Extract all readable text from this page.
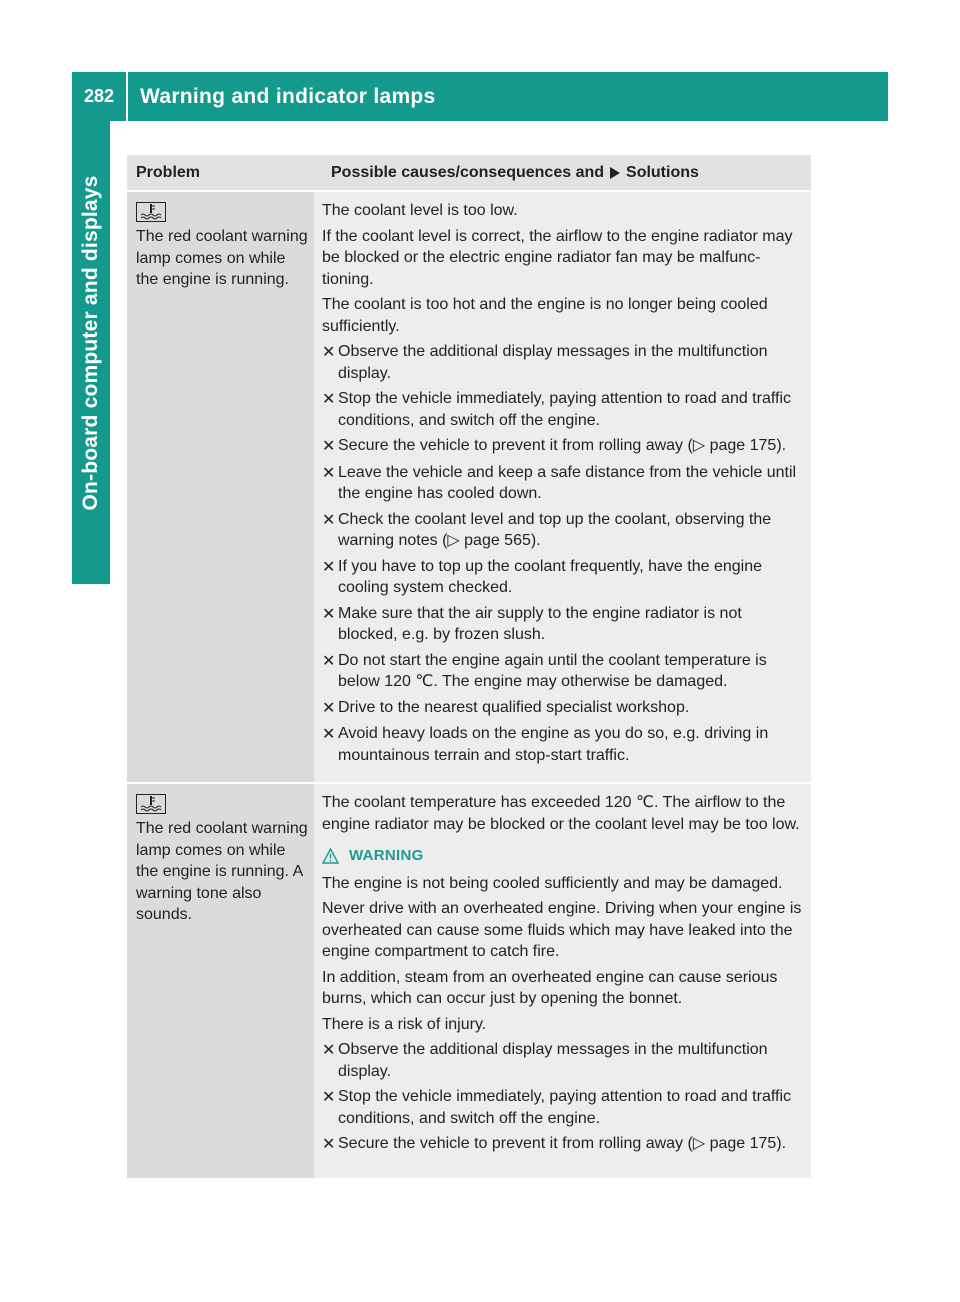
282	Warning and indicator lamps
On-board computer and displays
Problem	Possible causes/consequences and Solutions
The red coolant warning lamp comes on while the engine is running.

The coolant level is too low.

If the coolant level is correct, the airflow to the engine radiator may be blocked or the electric engine radiator fan may be malfunctioning.

The coolant is too hot and the engine is no longer being cooled sufficiently.

✕ Observe the additional display messages in the multifunction display.
✕ Stop the vehicle immediately, paying attention to road and traffic conditions, and switch off the engine.
✕ Secure the vehicle to prevent it from rolling away (▷ page 175).
✕ Leave the vehicle and keep a safe distance from the vehicle until the engine has cooled down.
✕ Check the coolant level and top up the coolant, observing the warning notes (▷ page 565).
✕ If you have to top up the coolant frequently, have the engine cooling system checked.
✕ Make sure that the air supply to the engine radiator is not blocked, e.g. by frozen slush.
✕ Do not start the engine again until the coolant temperature is below 120 ℃. The engine may otherwise be damaged.
✕ Drive to the nearest qualified specialist workshop.
✕ Avoid heavy loads on the engine as you do so, e.g. driving in mountainous terrain and stop-start traffic.
The red coolant warning lamp comes on while the engine is running. A warning tone also sounds.

The coolant temperature has exceeded 120 ℃. The airflow to the engine radiator may be blocked or the coolant level may be too low.

WARNING

The engine is not being cooled sufficiently and may be damaged.

Never drive with an overheated engine. Driving when your engine is overheated can cause some fluids which may have leaked into the engine compartment to catch fire.

In addition, steam from an overheated engine can cause serious burns, which can occur just by opening the bonnet.

There is a risk of injury.

✕ Observe the additional display messages in the multifunction display.
✕ Stop the vehicle immediately, paying attention to road and traffic conditions, and switch off the engine.
✕ Secure the vehicle to prevent it from rolling away (▷ page 175).
